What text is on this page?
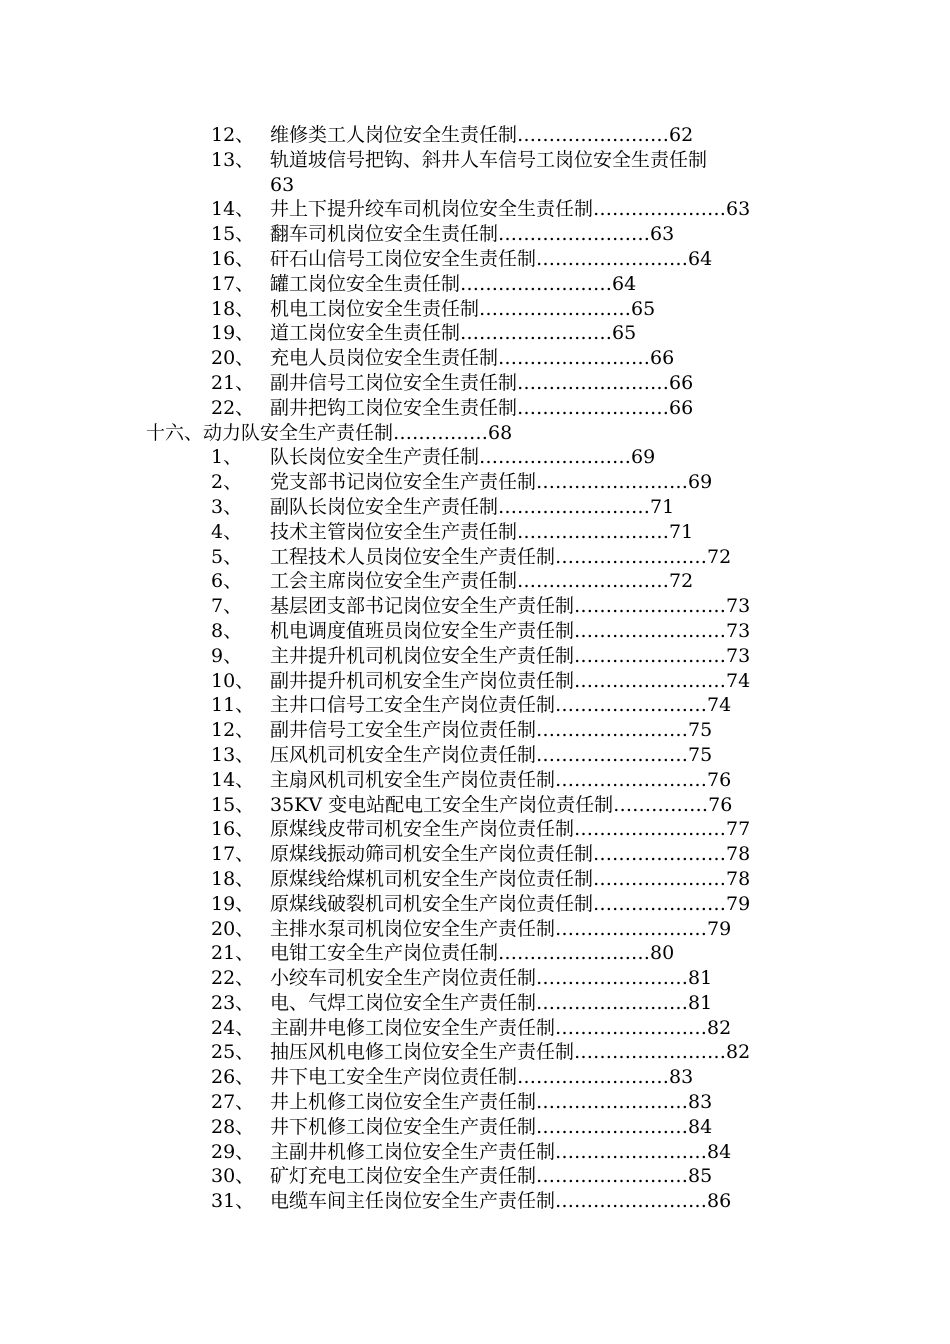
12、 维修类工人岗位安全生责任制……………………62
13、 轨道坡信号把钩、斜井人车信号工岗位安全生责任制
63
14、 井上下提升绞车司机岗位安全生责任制…………………63
15、 翻车司机岗位安全生责任制……………………63
16、 矸石山信号工岗位安全生责任制……………………64
17、 罐工岗位安全生责任制……………………64
18、 机电工岗位安全生责任制……………………65
19、 道工岗位安全生责任制……………………65
20、 充电人员岗位安全生责任制……………………66
21、 副井信号工岗位安全生责任制……………………66
22、 副井把钩工岗位安全生责任制……………………66
十六、动力队安全生产责任制……………68
1、 队长岗位安全生产责任制……………………69
2、 党支部书记岗位安全生产责任制……………………69
3、 副队长岗位安全生产责任制……………………71
4、 技术主管岗位安全生产责任制……………………71
5、 工程技术人员岗位安全生产责任制……………………72
6、 工会主席岗位安全生产责任制……………………72
7、 基层团支部书记岗位安全生产责任制……………………73
8、 机电调度值班员岗位安全生产责任制……………………73
9、 主井提升机司机岗位安全生产责任制……………………73
10、 副井提升机司机安全生产岗位责任制……………………74
11、 主井口信号工安全生产岗位责任制……………………74
12、 副井信号工安全生产岗位责任制……………………75
13、 压风机司机安全生产岗位责任制……………………75
14、 主扇风机司机安全生产岗位责任制……………………76
15、 35KV 变电站配电工安全生产岗位责任制……………76
16、 原煤线皮带司机安全生产岗位责任制……………………77
17、 原煤线振动筛司机安全生产岗位责任制…………………78
18、 原煤线给煤机司机安全生产岗位责任制…………………78
19、 原煤线破裂机司机安全生产岗位责任制…………………79
20、 主排水泵司机岗位安全生产责任制……………………79
21、 电钳工安全生产岗位责任制……………………80
22、 小绞车司机安全生产岗位责任制……………………81
23、 电、气焊工岗位安全生产责任制……………………81
24、 主副井电修工岗位安全生产责任制……………………82
25、 抽压风机电修工岗位安全生产责任制……………………82
26、 井下电工安全生产岗位责任制……………………83
27、 井上机修工岗位安全生产责任制……………………83
28、 井下机修工岗位安全生产责任制……………………84
29、 主副井机修工岗位安全生产责任制……………………84
30、 矿灯充电工岗位安全生产责任制……………………85
31、 电缆车间主任岗位安全生产责任制……………………86
